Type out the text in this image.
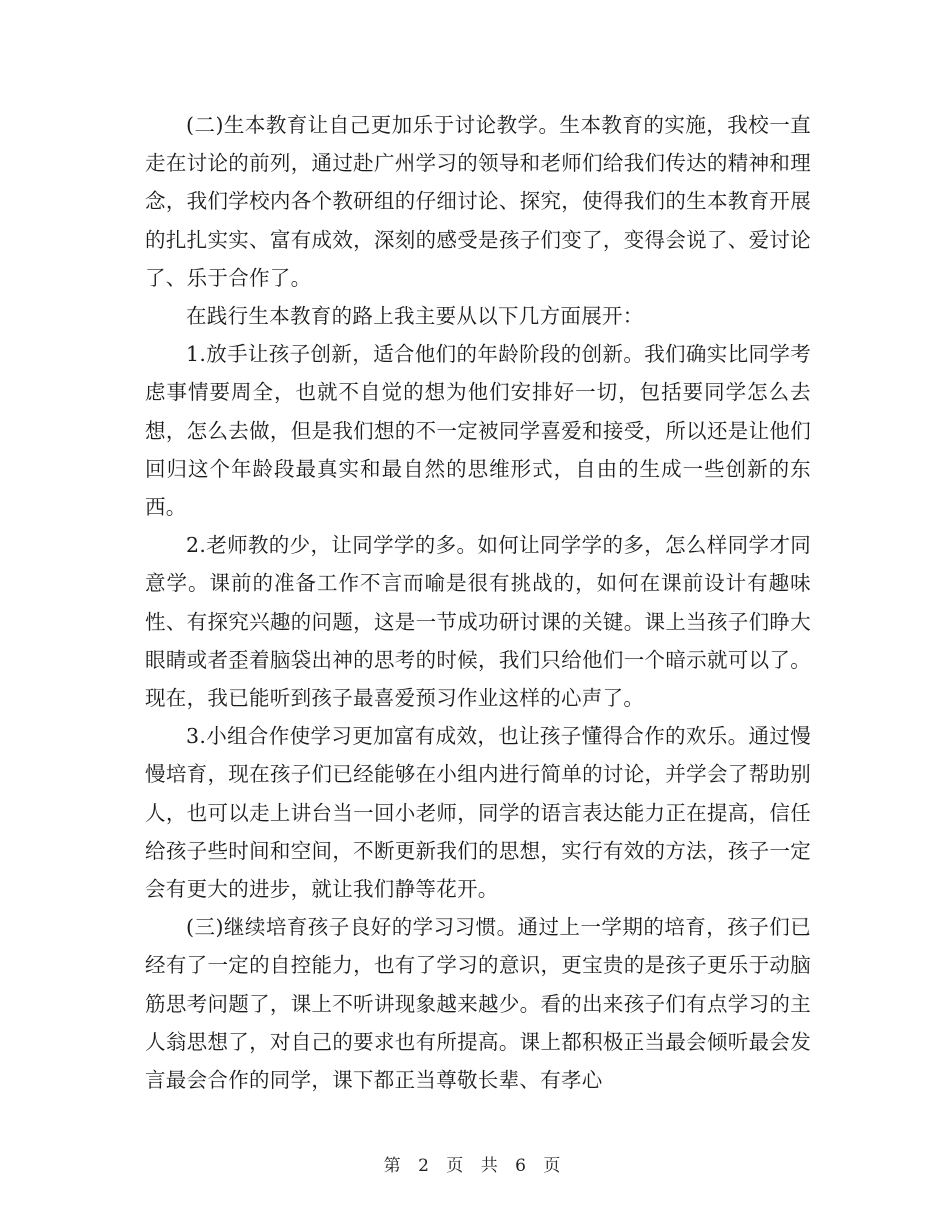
(二)生本教育让自己更加乐于讨论教学。生本教育的实施，我校一直走在讨论的前列，通过赴广州学习的领导和老师们给我们传达的精神和理念，我们学校内各个教研组的仔细讨论、探究，使得我们的生本教育开展的扎扎实实、富有成效，深刻的感受是孩子们变了，变得会说了、爱讨论了、乐于合作了。

在践行生本教育的路上我主要从以下几方面展开：

1.放手让孩子创新，适合他们的年龄阶段的创新。我们确实比同学考虑事情要周全，也就不自觉的想为他们安排好一切，包括要同学怎么去想，怎么去做，但是我们想的不一定被同学喜爱和接受，所以还是让他们回归这个年龄段最真实和最自然的思维形式，自由的生成一些创新的东西。

2.老师教的少，让同学学的多。如何让同学学的多，怎么样同学才同意学。课前的准备工作不言而喻是很有挑战的，如何在课前设计有趣味性、有探究兴趣的问题，这是一节成功研讨课的关键。课上当孩子们睁大眼睛或者歪着脑袋出神的思考的时候，我们只给他们一个暗示就可以了。现在，我已能听到孩子最喜爱预习作业这样的心声了。

3.小组合作使学习更加富有成效，也让孩子懂得合作的欢乐。通过慢慢培育，现在孩子们已经能够在小组内进行简单的讨论，并学会了帮助别人，也可以走上讲台当一回小老师，同学的语言表达能力正在提高，信任给孩子些时间和空间，不断更新我们的思想，实行有效的方法，孩子一定会有更大的进步，就让我们静等花开。

(三)继续培育孩子良好的学习习惯。通过上一学期的培育，孩子们已经有了一定的自控能力，也有了学习的意识，更宝贵的是孩子更乐于动脑筋思考问题了，课上不听讲现象越来越少。看的出来孩子们有点学习的主人翁思想了，对自己的要求也有所提高。课上都积极正当最会倾听最会发言最会合作的同学，课下都正当尊敬长辈、有孝心

第 2 页 共 6 页
